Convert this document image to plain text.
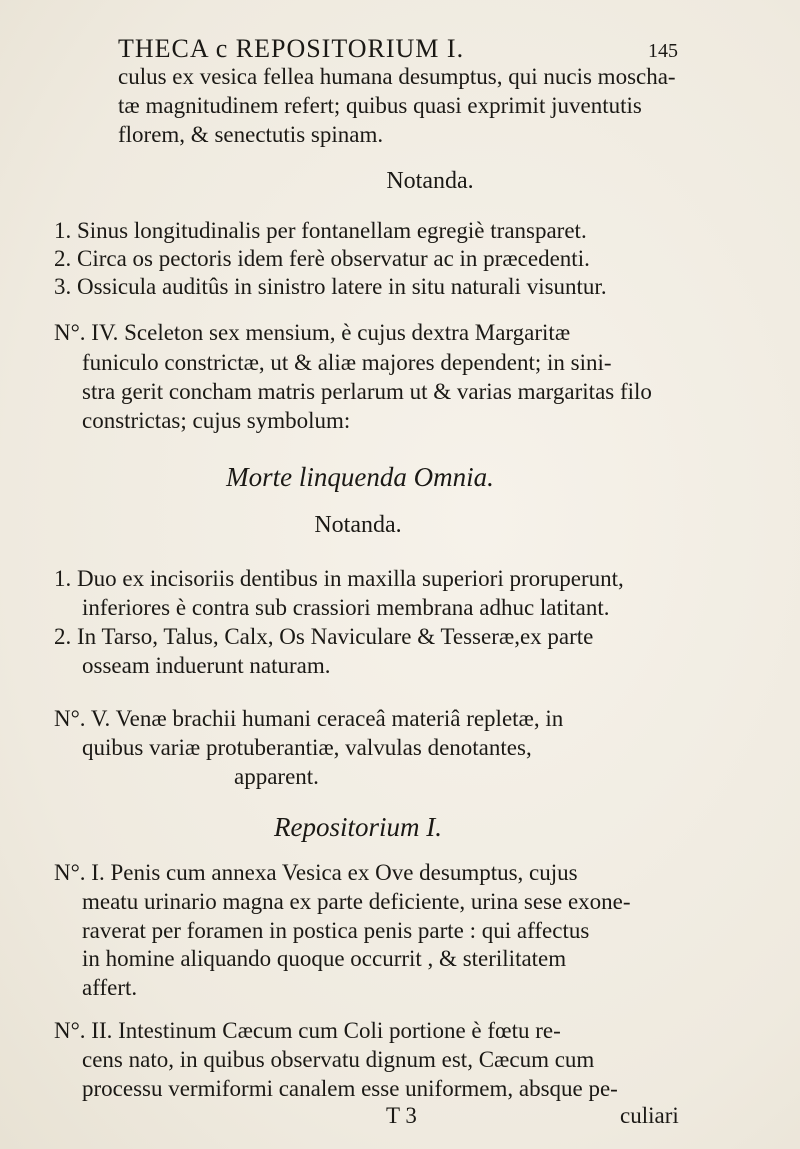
THECA c REPOSITORIUM I.	145
culus ex vesica fellea humana desumptus, qui nucis moscha-
tæ magnitudinem refert; quibus quasi exprimit juventutis
florem, & senectutis spinam.
Notanda.
1. Sinus longitudinalis per fontanellam egregiè transparet.
2. Circa os pectoris idem ferè observatur ac in præcedenti.
3. Ossicula auditûs in sinistro latere in situ naturali visuntur.
N°. IV. Sceleton sex mensium, è cujus dextra Margaritæ
funiculo constrictæ, ut & aliæ majores dependent; in sini-
stra gerit concham matris perlarum ut & varias margaritas filo
constrictas; cujus symbolum:
Morte linquenda Omnia.
Notanda.
1. Duo ex incisoriis dentibus in maxilla superiori proruperunt,
inferiores è contra sub crassiori membrana adhuc latitant.
2. In Tarso, Talus, Calx, Os Naviculare & Tesseræ,ex parte
osseam induerunt naturam.
N°. V. Venæ brachii humani ceraceâ materiâ repletæ, in
quibus variæ protuberantiæ, valvulas denotantes,
apparent.
Repositorium I.
N°. I. Penis cum annexa Vesica ex Ove desumptus, cujus
meatu urinario magna ex parte deficiente, urina sese exone-
raverat per foramen in postica penis parte : qui affectus
in homine aliquando quoque occurrit , & sterilitatem
affert.
N°. II. Intestinum Cæcum cum Coli portione è fœtu re-
cens nato, in quibus observatu dignum est, Cæcum cum
processu vermiformi canalem esse uniformem, absque pe-
T 3	culiari
